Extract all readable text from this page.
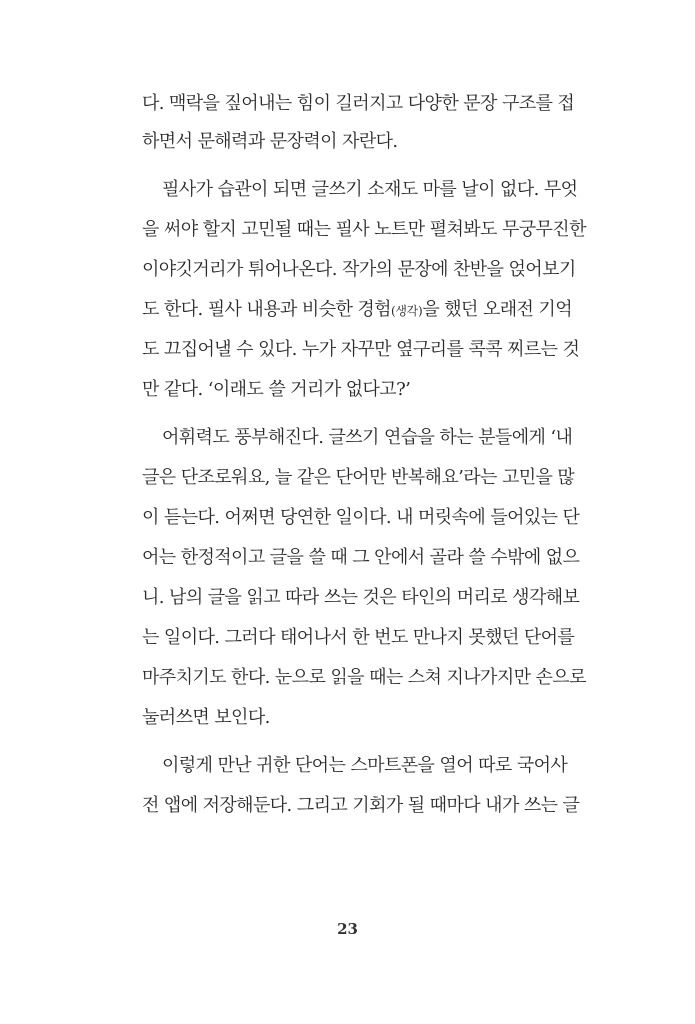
다. 맥락을 짚어내는 힘이 길러지고 다양한 문장 구조를 접
하면서 문해력과 문장력이 자란다.
필사가 습관이 되면 글쓰기 소재도 마를 날이 없다. 무엇
을 써야 할지 고민될 때는 필사 노트만 펼쳐봐도 무궁무진한
이야깃거리가 튀어나온다. 작가의 문장에 찬반을 얹어보기
도 한다. 필사 내용과 비슷한 경험(생각)을 했던 오래전 기억
도 끄집어낼 수 있다. 누가 자꾸만 옆구리를 콕콕 찌르는 것
만 같다. ‘이래도 쓸 거리가 없다고?’
어휘력도 풍부해진다. 글쓰기 연습을 하는 분들에게 ‘내
글은 단조로워요, 늘 같은 단어만 반복해요’라는 고민을 많
이 듣는다. 어쩌면 당연한 일이다. 내 머릿속에 들어있는 단
어는 한정적이고 글을 쓸 때 그 안에서 골라 쓸 수밖에 없으
니. 남의 글을 읽고 따라 쓰는 것은 타인의 머리로 생각해보
는 일이다. 그러다 태어나서 한 번도 만나지 못했던 단어를
마주치기도 한다. 눈으로 읽을 때는 스쳐 지나가지만 손으로
눌러쓰면 보인다.
이렇게 만난 귀한 단어는 스마트폰을 열어 따로 국어사
전 앱에 저장해둔다. 그리고 기회가 될 때마다 내가 쓰는 글
23
